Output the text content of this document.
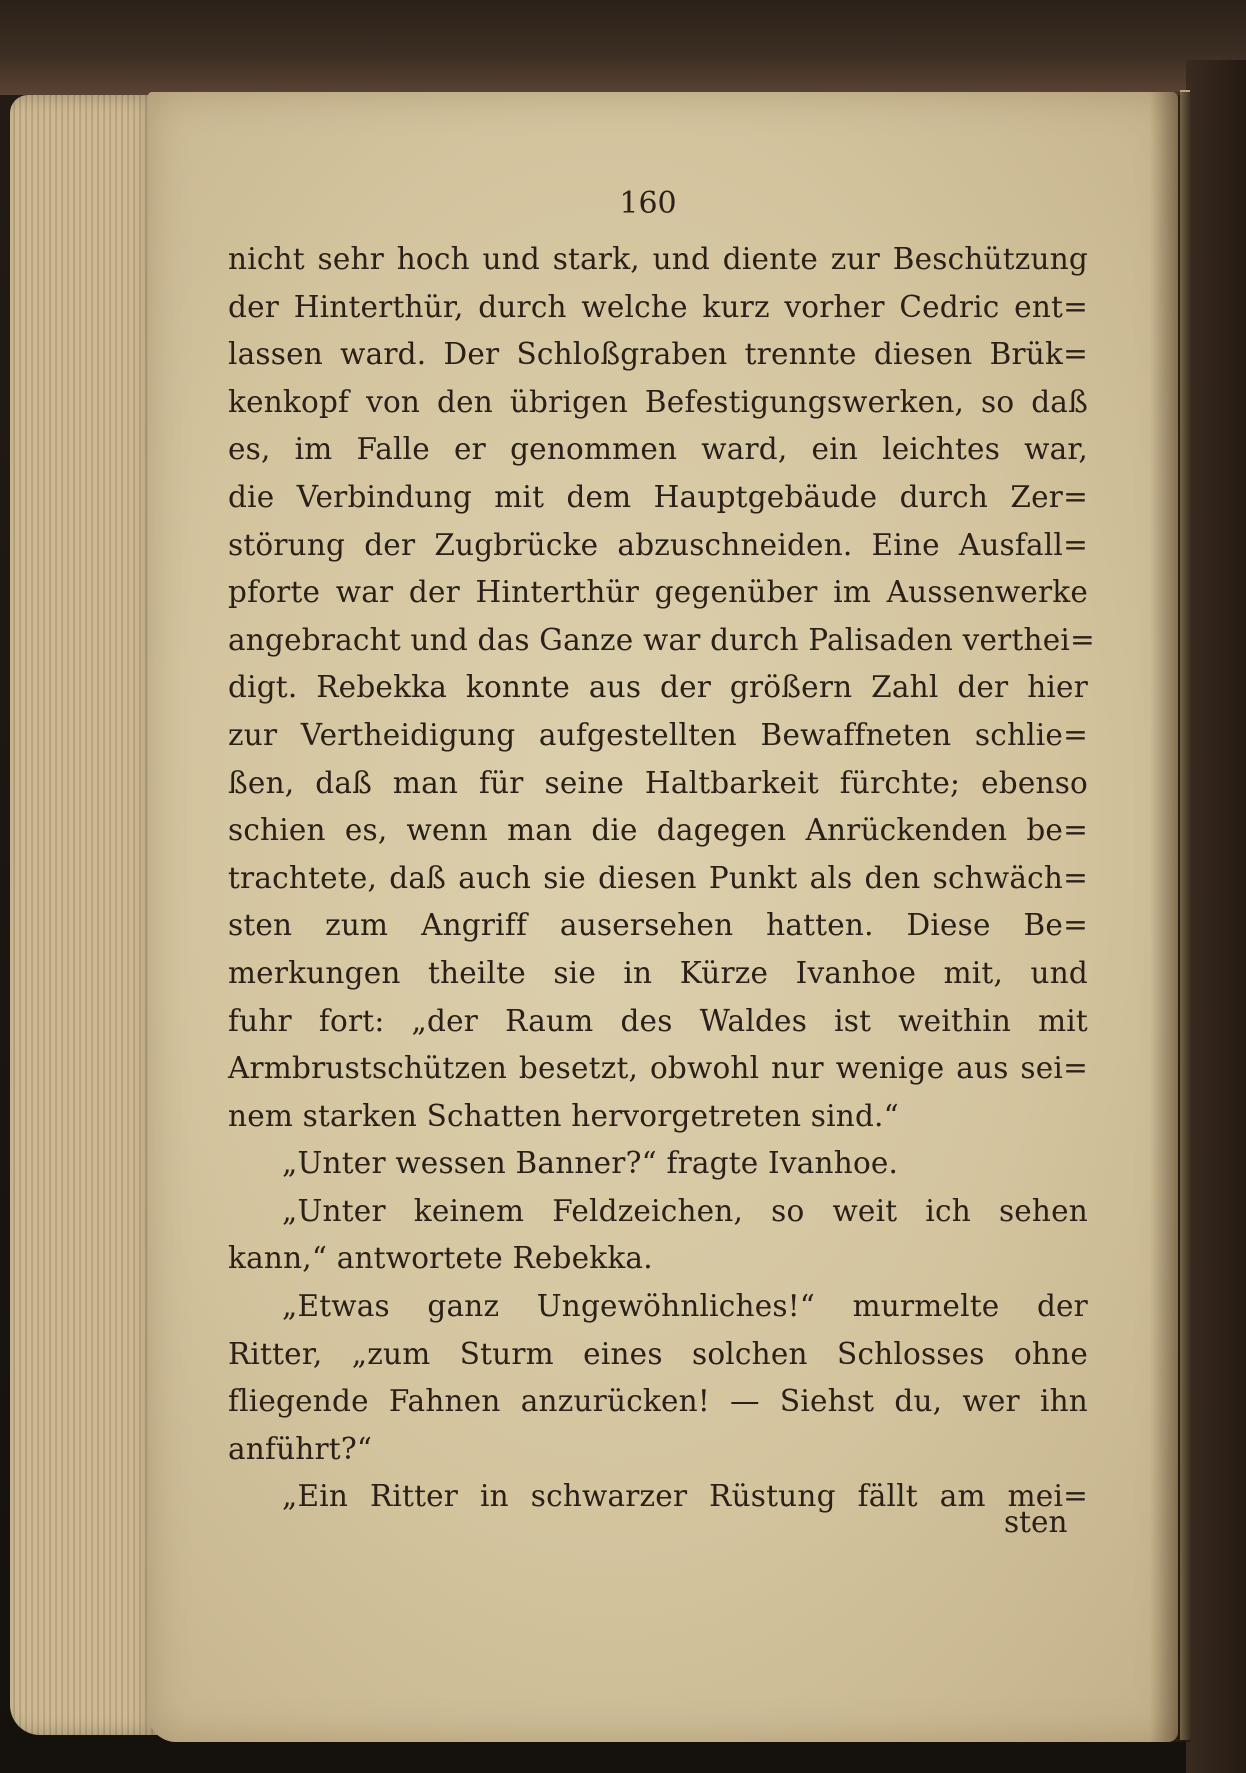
160
nicht sehr hoch und stark, und diente zur Beschützung
der Hinterthür, durch welche kurz vorher Cedric ent=
lassen ward. Der Schloßgraben trennte diesen Brük=
kenkopf von den übrigen Befestigungswerken, so daß
es, im Falle er genommen ward, ein leichtes war,
die Verbindung mit dem Hauptgebäude durch Zer=
störung der Zugbrücke abzuschneiden. Eine Ausfall=
pforte war der Hinterthür gegenüber im Aussenwerke
angebracht und das Ganze war durch Palisaden verthei=
digt. Rebekka konnte aus der größern Zahl der hier
zur Vertheidigung aufgestellten Bewaffneten schlie=
ßen, daß man für seine Haltbarkeit fürchte; ebenso
schien es, wenn man die dagegen Anrückenden be=
trachtete, daß auch sie diesen Punkt als den schwäch=
sten zum Angriff ausersehen hatten. Diese Be=
merkungen theilte sie in Kürze Ivanhoe mit, und
fuhr fort: „der Raum des Waldes ist weithin mit
Armbrustschützen besetzt, obwohl nur wenige aus sei=
nem starken Schatten hervorgetreten sind.“
„Unter wessen Banner?“ fragte Ivanhoe.
„Unter keinem Feldzeichen, so weit ich sehen
kann,“ antwortete Rebekka.
„Etwas ganz Ungewöhnliches!“ murmelte der
Ritter, „zum Sturm eines solchen Schlosses ohne
fliegende Fahnen anzurücken! — Siehst du, wer ihn
anführt?“
„Ein Ritter in schwarzer Rüstung fällt am mei=
sten
